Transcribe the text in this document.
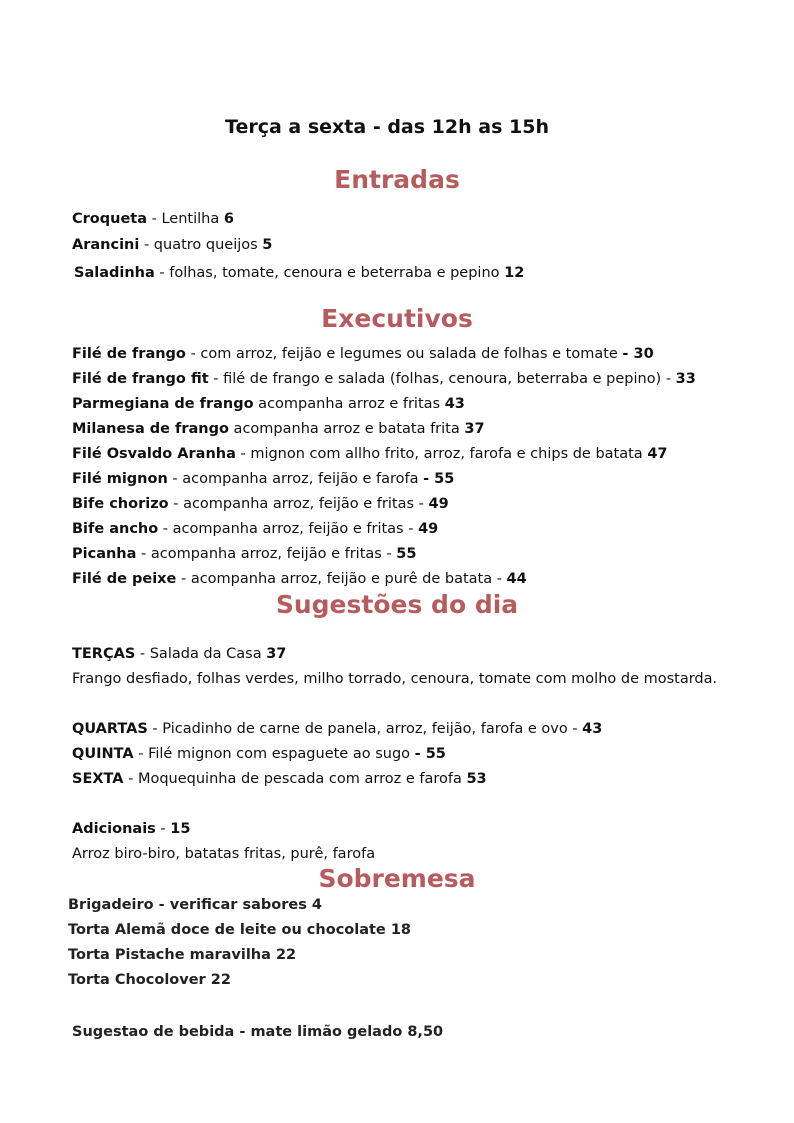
Terça a sexta - das 12h as 15h
Entradas
Croqueta - Lentilha 6
Arancini - quatro queijos 5
Saladinha - folhas, tomate, cenoura e beterraba e pepino 12
Executivos
Filé de frango - com arroz, feijão e legumes ou salada de folhas e tomate - 30
Filé de frango fit - filé de frango e salada (folhas, cenoura, beterraba e pepino) - 33
Parmegiana de frango acompanha arroz e fritas 43
Milanesa de frango acompanha arroz e batata frita 37
Filé Osvaldo Aranha - mignon com allho frito, arroz, farofa e chips de batata 47
Filé mignon - acompanha arroz, feijão e farofa - 55
Bife chorizo - acompanha arroz, feijão e fritas - 49
Bife ancho - acompanha arroz, feijão e fritas - 49
Picanha - acompanha arroz, feijão e fritas - 55
Filé de peixe - acompanha arroz, feijão e purê de batata - 44
Sugestões do dia
TERÇAS - Salada da Casa 37
Frango desfiado, folhas verdes, milho torrado, cenoura, tomate com molho de mostarda.
QUARTAS - Picadinho de carne de panela, arroz, feijão, farofa e ovo - 43
QUINTA - Filé mignon com espaguete ao sugo - 55
SEXTA - Moquequinha de pescada com arroz e farofa 53
Adicionais - 15
Arroz biro-biro, batatas fritas, purê, farofa
Sobremesa
Brigadeiro - verificar sabores 4
Torta Alemã doce de leite ou chocolate 18
Torta Pistache maravilha 22
Torta Chocolover 22
Sugestao de bebida - mate limão gelado 8,50
